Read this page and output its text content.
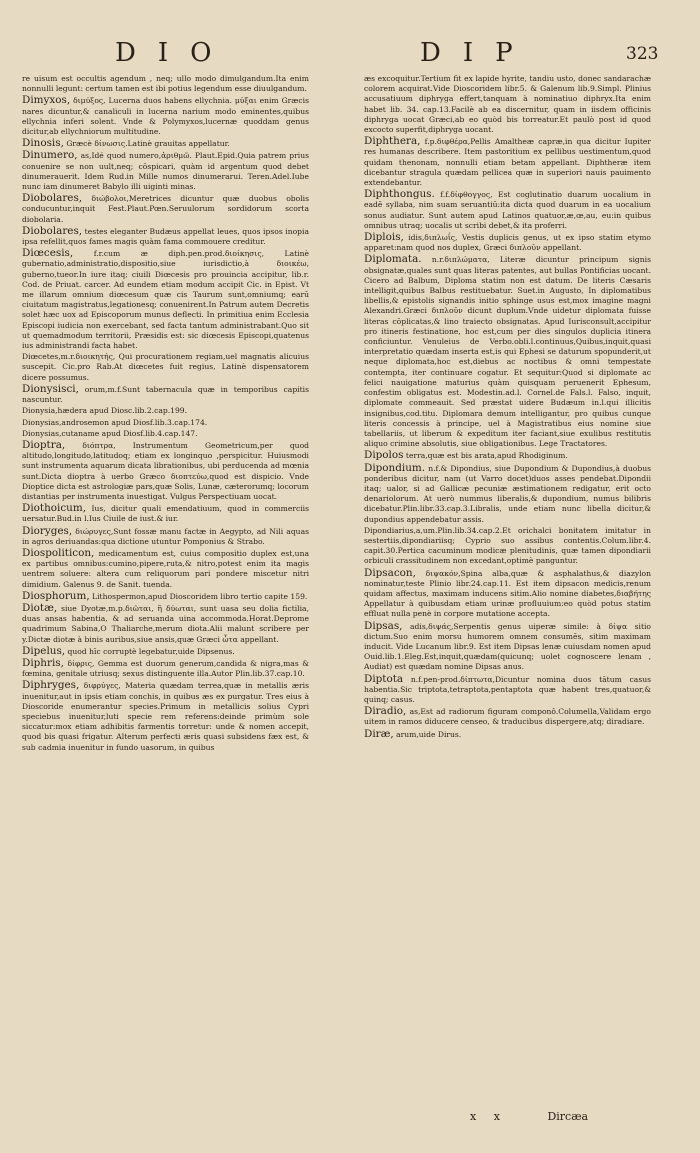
DIO	DIP	323

re uisum est occultis agendum , neq; ullo modo dimulgandum.Ita enim nonnulli legunt: certum tamen est ibi potius legendum esse diuulgandum.

Dimyxos, διμύξος, Lucerna duos habens ellychnia. μύξαι enim Græcis nares dicuntur,& canaliculi in lucerna narium modo eminentes,quibus ellychnia inferi solent. Vnde & Polymyxos,lucernæ quoddam genus dicitur,ab ellychniorum multitudine.

Dinosis, Græcè δίνωσις.Latinè grauitas appellatur.

Dinumero, as,Idé quod numero,ἀριθμῶ. Plaut.Epid.Quia patrem prius conuenire se non uult,neq; cōspicari, quàm id argentum quod debet dinumerauerit. Idem Rud.in Mille numos dinumerarui. Teren.Adel.Iube nunc iam dinumeret Babylo illi uiginti minas.

Diobolares, διώβολοι,Meretrices dicuntur quæ duobus obolis conducuntur,inquit Fest.Plaut.Pœn.Seruulorum sordidorum scorta diobolaria.

Diobolares, testes eleganter Budæus appellat leues, quos ipsos inopia ipsa refellit,quos fames magis quàm fama commouere creditur.

Diœcesis,	f.r.cum æ diph.pen.prod.διοίκησις, Latinè gubernatio,administratio,dispositio,siue iurisdictio,à διοικέω, guberno,tueor.In iure itaq; ciuili Diœcesis pro prouincia accipitur, lib.r. Cod. de Priuat. carcer. Ad eundem etiam modum accipit Cic. in Epist. Vt me illarum omnium diœcesum quæ cis Taurum sunt,omniumq; earū ciuitatum magistratus,legationesq; conuenirent.In Patrum autem Decretis solet hæc uox ad Episcoporum munus deflecti. In primitiua enim Ecclesia Episcopi iudicia non exercebant, sed facta tantum administrabant.Quo sit ut quemadmodum territorii, Præsidis est: sic diœcesis Episcopi,quatenus ius administrandi facta habet.

Diœcetes,m.r.διοικητής, Qui procurationem regiam,uel magnatis alicuius suscepit. Cic.pro Rab.At diœcetes fuit regius, Latinè dispensatorem dicere possumus.

Dionysisci, orum,m.f.Sunt tabernacula quæ in temporibus capitis nascuntur.

Dionysia,hædera apud Diosc.lib.2.cap.199.

Dionysias,androsemon apud Diosf.lib.3.cap.174.

Dionysias,cutaname apud Diosf.lib.4.cap.147.

Dioptra, διόπτρα, Instrumentum Geometricum,per quod altitudo,longitudo,latitudoq; etiam ex longinquo ,perspicitur. Huiusmodi sunt instrumenta aquarum dicata librationibus, ubi perducenda ad mœnia sunt.Dicta dioptra à uerbo Græco διοπτεύω,quod est dispicio. Vnde Dioptice dicta est astrologiæ pars,quæ Solis, Lunæ, cæterorumq; locorum distantias per instrumenta inuestigat. Vulgus Perspectiuam uocat.

Diothoicum, Ius, dicitur quali emendatiuum, quod in commerciis uersatur.Bud.in l.Ius Ciuile de iust.& iur.

Dioryges, διώρυγες,Sunt fossæ manu factæ in Aegypto, ad Nili aquas in agros deriuandas:qua dictione utuntur Pomponius & Strabo.

Diospoliticon, medicamentum est, cuius compositio duplex est,una ex partibus omnibus:cumino,pipere,ruta,& nitro,potest enim ita magis uentrem soluere: altera cum reliquorum pari pondere miscetur nitri dimidium. Galenus 9. de Sanit. tuenda.

Diosphorum, Lithospermon,apud Dioscoridem libro tertio capite 159.

Diotæ, siue Dyotæ,m.p.διῶται, ἢ δύωται, sunt uasa seu dolia fictilia, duas ansas habentia, & ad seruanda uina accommoda.Horat.Deprome quadrimum Sabina,O Thaliarche,merum diota.Alii malunt scribere per y.Dictæ diotæ à binis auribus,siue ansis,quæ Græci ὦτα appellant.

Dipelus, quod hīc corruptè legebatur,uide Dipsenus.

Diphris, δίφρις, Gemma est duorum generum,candida & nigra,mas & fœmina, genitale utriusq; sexus distinguente illa.Autor Plin.lib.37.cap.10.

Diphryges, διφρύγες, Materia quædam terrea,quæ in metallis æris inuenitur,aut in ipsis etiam conchis, in quibus æs ex purgatur. Tres eius à Dioscoride enumerantur species.Primum in metallicis solius Cypri speciebus inuenitur,luti specie rem referens:deinde primùm sole siccatur:mox etiam adhibitis farmentis torretur: unde & nomen accepit, quod bis quasi frigatur. Alterum perfecti æris quasi subsidens fæx est, & sub cadmia inuenitur in fundo uasorum, in quibus

æs excoquitur.Tertium fit ex lapide hyrite, tandiu usto, donec sandarachæ colorem acquirat.Vide Dioscoridem libr.5. & Galenum lib.9.Simpl. Plinius accusatiuum diphryga effert,tanquam à nominatiuo diphryx.Ita enim habet lib. 34. cap.13.Facilè ab ea discernitur, quam in iisdem officinis diphryga uocat Græci,ab eo quòd bis torreatur.Et paulò post id quod excocto superfit,diphryga uocant.

Diphthera, f.p.διφθέρα,Pellis Amaltheæ capræ,in qua dicitur Iupiter res humanas describere. Item pastoritium ex pellibus uestimentum,quod quidam thenonam, nonnulli etiam betam appellant. Diphtheræ item dicebantur stragula quædam pellicea quæ in superiori nauis pauimento extendebantur.

Diphthongus. f.f.δίφθογγος, Est coglutinatio duarum uocalium in eadē syllaba, nim suam seruantiū:ita dicta quod duarum in ea uocalium sonus audiatur. Sunt autem apud Latinos quatuor,æ,œ,au, eu:in quibus omnibus utraq; uocalis ut scribi debet,& ita proferri.

Diplois, idis,διπλωΐς, Vestis duplicis genus, ut ex ipso statim etymo apparet:nam quod nos duplex, Græci διπλοῦν appellant.

Diplomata. n.r.διπλώματα, Literæ dicuntur principum signis obsignatæ,quales sunt quas literas patentes, aut bullas Pontificias uocant. Cicero ad Balbum, Diploma statim non est datum. De literis Cæsaris intelligit,quibus Balbus restituebatur. Suet.in Augusto, In diplomatibus libellis,& epistolis signandis initio sphinge usus est,mox imagine magni Alexandri.Græci διπλοῦν dicunt duplum.Vnde uidetur diplomata fuisse literas cōplicatas,& lino traiecto obsignatas. Apud Iurisconsult,accipitur pro itineris festinatione, hoc est,cum per dies singulos duplicia itinera conficiuntur. Venuleius de Verbo.obli.l.continuus,Quibus,inquit,quasi interpretatio quædam inserta est,is qui Ephesi se daturum spopunderit,ut neque diplomata,hoc est,diebus ac noctibus & omni tempestate contempta, iter continuare cogatur. Et sequitur:Quod si diplomate ac felici nauigatione maturius quàm quisquam peruenerit Ephesum, confestim obligatus est. Modestin.ad.l. Cornel.de Fals.l. Falso, inquit, diplomate commeauit. Sed præstat uidere Budæum in.l.qui illicitis insignibus,cod.titu. Diplomara demum intelligantur, pro quibus cunque literis concessis à principe, uel à Magistratibus eius nomine siue tabellariis, ut liberum & expeditum iter faciant,siue exulibus restitutis aliquo crimine absolutis, siue obligationibus. Lege Tractatores.

Dipolos terra,quæ est bis arata,apud Rhodiginum.

Dipondium. n.f.& Dipondius, siue Dupondium & Dupondius,à duobus ponderibus dicitur, nam (ut Varro docet)duos asses pendebat.Dipondii itaq; ualor, si ad Gallicæ pecuniæ æstimationem redigatur, erit octo denariolorum. At uerò nummus liberalis,& dupondium, numus bilibris dicebatur.Plin.libr.33.cap.3.Libralis, unde etiam nunc libella dicitur,& dupondius appendebatur assis.

Dipondiarius,a,um.Plin.lib.34.cap.2.Et orichalci bonitatem imitatur in sestertiis,dipondiariisq; Cyprio suo assibus contentis.Colum.libr.4. capit.30.Pertica cacuminum modicæ plenitudinis, quæ tamen dipondiarii orbiculi crassitudinem non excedant,optimè panguntur.

Dipsacon, διψακόν,Spina alba,quæ & asphalathus,& diazylon nominatur,teste Plinio libr.24.cap.11. Est item dipsacon medicis,renum quidam affectus, maximam inducens sitim.Alio nomine diabetes,διαβήτης Appellatur à quibusdam etiam urinæ profluuium:eo quòd potus statim effluat nulla penè in corpore mutatione accepta.

Dipsas, adis,διψάς,Serpentis genus uiperæ simile: à δίψα sitio dictum.Suo enim morsu humorem omnem consumēs, sitim maximam inducit. Vide Lucanum libr.9. Est item Dipsas lenæ cuiusdam nomen apud Ouid.lib.1.Eleg.Est,inquit,quædam(quicunq; uolet cognoscere lenam , Audiat) est quædam nomine Dipsas anus.

Diptota n.f.pen-prod.δίπτωτα,Dicuntur nomina duos tātum casus habentia.Sic triptota,tetraptota,pentaptota quæ habent tres,quatuor,& quinq; casus.

Diradio, as,Est ad radiorum figuram componô.Columella,Validam ergo uitem in ramos diducere censeo, & traducibus dispergere,atq; diradiare.

Diræ, arum,uide Dirus.

x x	Dircæa
